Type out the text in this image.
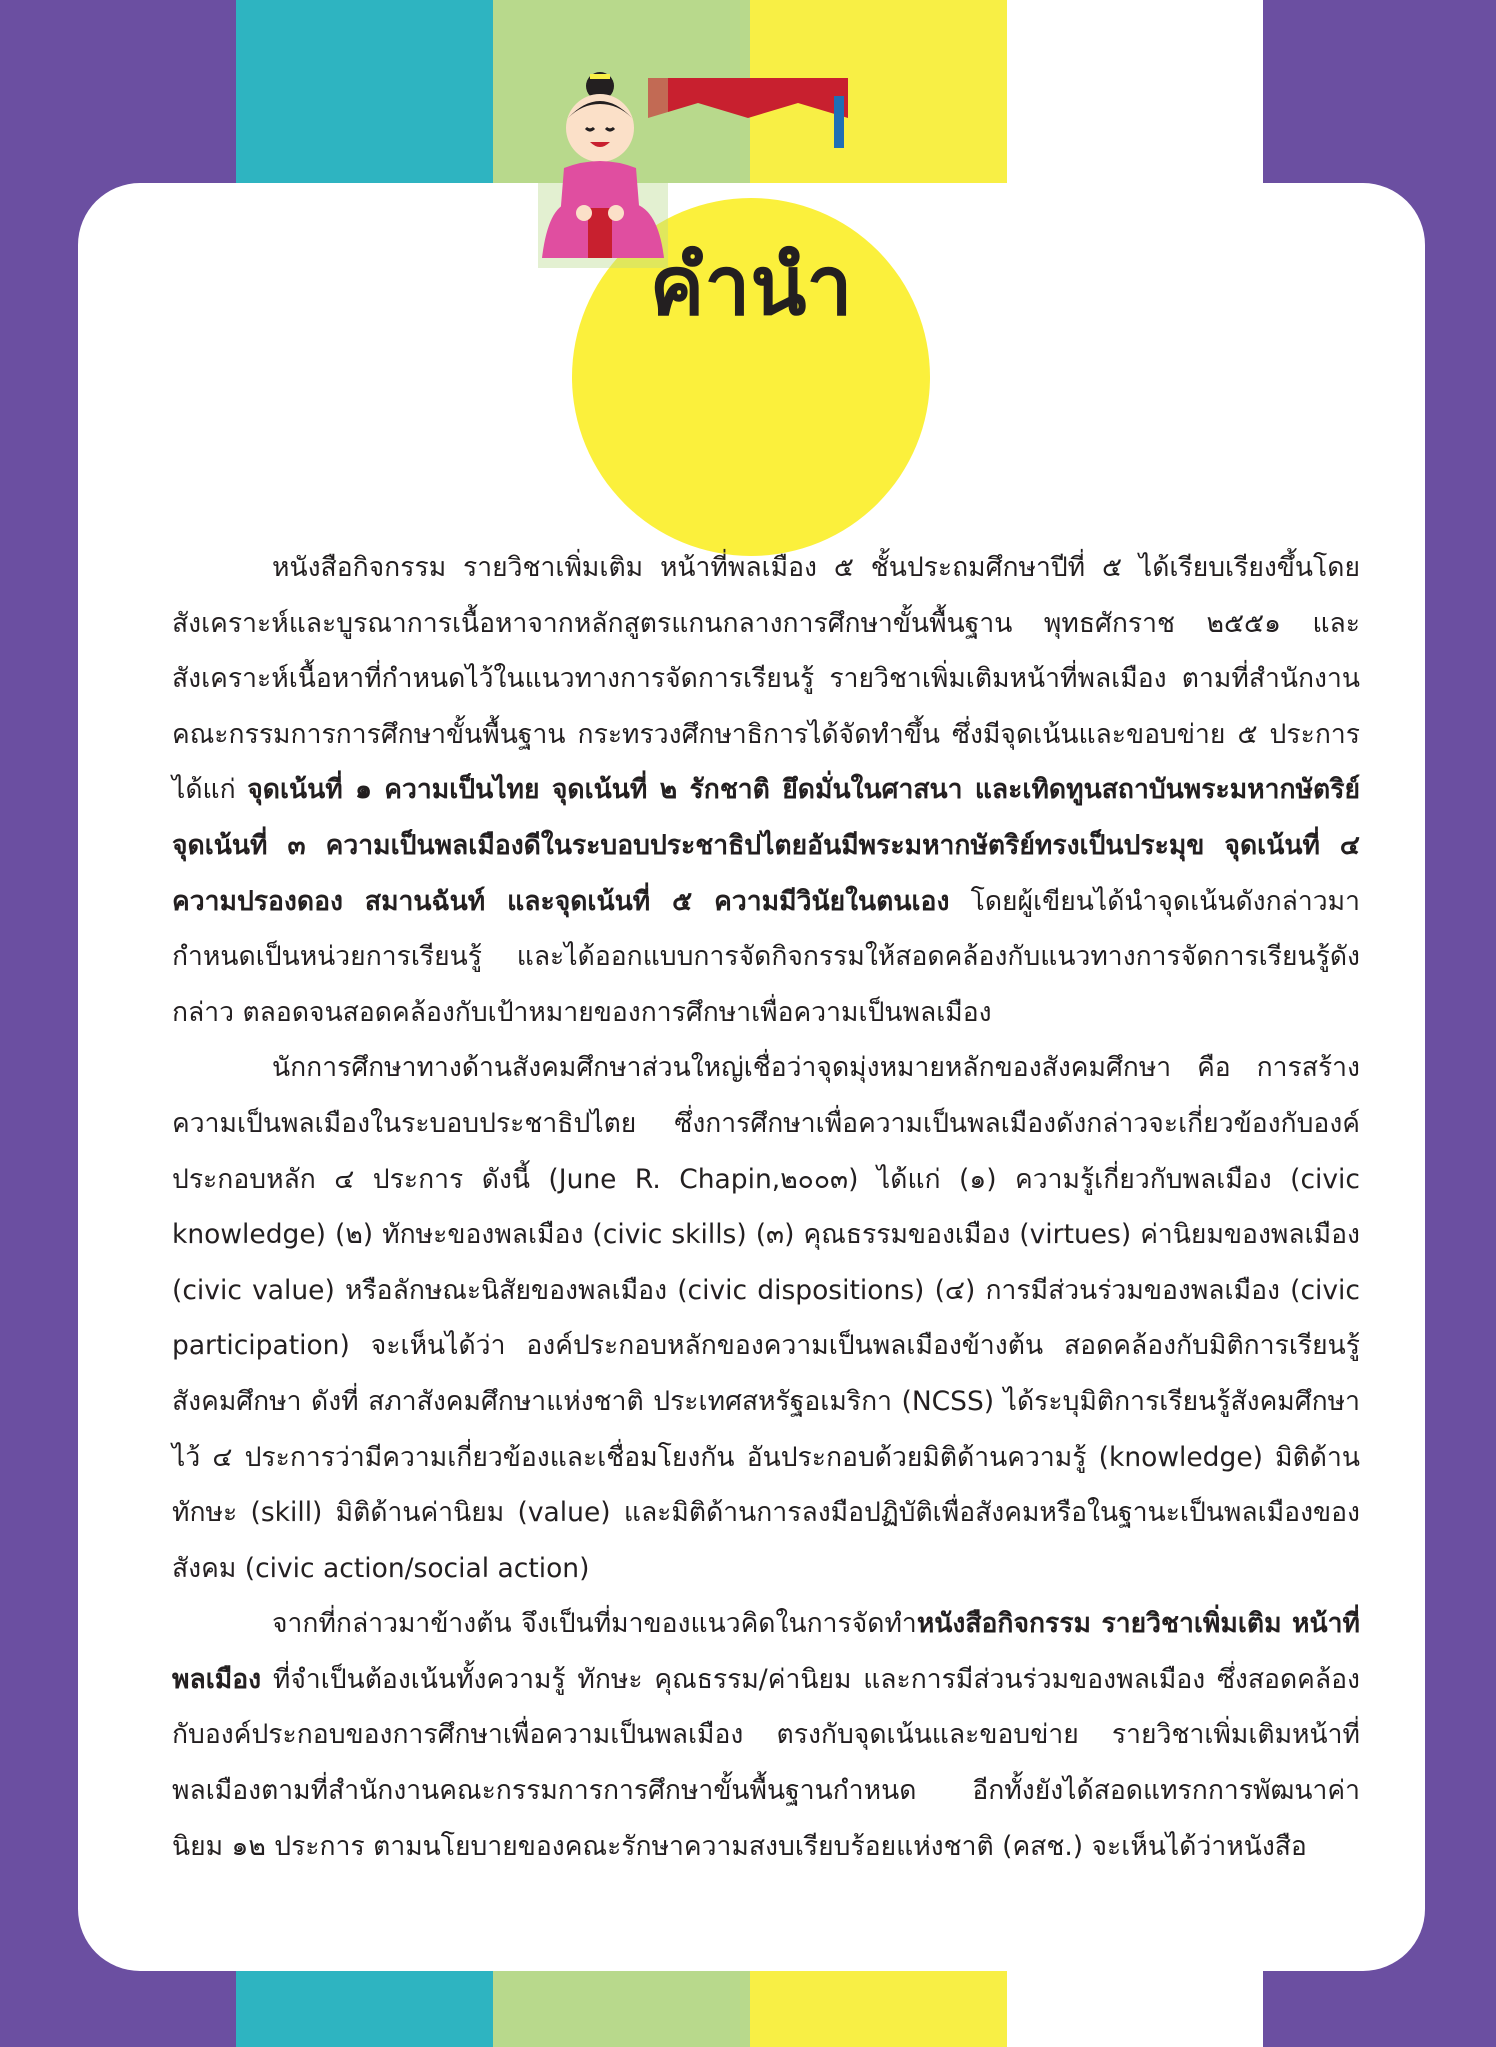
คำนำ

หนังสือกิจกรรม รายวิชาเพิ่มเติม หน้าที่พลเมือง ๕ ชั้นประถมศึกษาปีที่ ๕ ได้เรียบเรียงขึ้นโดยสังเคราะห์และบูรณาการเนื้อหาจากหลักสูตรแกนกลางการศึกษาขั้นพื้นฐาน พุทธศักราช ๒๕๕๑ และสังเคราะห์เนื้อหาที่กำหนดไว้ในแนวทางการจัดการเรียนรู้ รายวิชาเพิ่มเติมหน้าที่พลเมือง ตามที่สำนักงานคณะกรรมการการศึกษาขั้นพื้นฐาน กระทรวงศึกษาธิการได้จัดทำขึ้น ซึ่งมีจุดเน้นและขอบข่าย ๕ ประการ ได้แก่ จุดเน้นที่ ๑ ความเป็นไทย จุดเน้นที่ ๒ รักชาติ ยึดมั่นในศาสนา และเทิดทูนสถาบันพระมหากษัตริย์ จุดเน้นที่ ๓ ความเป็นพลเมืองดีในระบอบประชาธิปไตยอันมีพระมหากษัตริย์ทรงเป็นประมุข จุดเน้นที่ ๔ ความปรองดอง สมานฉันท์ และจุดเน้นที่ ๕ ความมีวินัยในตนเอง โดยผู้เขียนได้นำจุดเน้นดังกล่าวมากำหนดเป็นหน่วยการเรียนรู้ และได้ออกแบบการจัดกิจกรรมให้สอดคล้องกับแนวทางการจัดการเรียนรู้ดังกล่าว ตลอดจนสอดคล้องกับเป้าหมายของการศึกษาเพื่อความเป็นพลเมือง

นักการศึกษาทางด้านสังคมศึกษาส่วนใหญ่เชื่อว่าจุดมุ่งหมายหลักของสังคมศึกษา คือ การสร้างความเป็นพลเมืองในระบอบประชาธิปไตย ซึ่งการศึกษาเพื่อความเป็นพลเมืองดังกล่าวจะเกี่ยวข้องกับองค์ประกอบหลัก ๔ ประการ ดังนี้ (June R. Chapin,๒๐๐๓) ได้แก่ (๑) ความรู้เกี่ยวกับพลเมือง (civic knowledge) (๒) ทักษะของพลเมือง (civic skills) (๓) คุณธรรมของเมือง (virtues) ค่านิยมของพลเมือง (civic value) หรือลักษณะนิสัยของพลเมือง (civic dispositions) (๔) การมีส่วนร่วมของพลเมือง (civic participation) จะเห็นได้ว่า องค์ประกอบหลักของความเป็นพลเมืองข้างต้น สอดคล้องกับมิติการเรียนรู้สังคมศึกษา ดังที่ สภาสังคมศึกษาแห่งชาติ ประเทศสหรัฐอเมริกา (NCSS) ได้ระบุมิติการเรียนรู้สังคมศึกษาไว้ ๔ ประการว่ามีความเกี่ยวข้องและเชื่อมโยงกัน อันประกอบด้วยมิติด้านความรู้ (knowledge) มิติด้านทักษะ (skill) มิติด้านค่านิยม (value) และมิติด้านการลงมือปฏิบัติเพื่อสังคมหรือในฐานะเป็นพลเมืองของสังคม (civic action/social action)

จากที่กล่าวมาข้างต้น จึงเป็นที่มาของแนวคิดในการจัดทำหนังสือกิจกรรม รายวิชาเพิ่มเติม หน้าที่พลเมือง ที่จำเป็นต้องเน้นทั้งความรู้ ทักษะ คุณธรรม/ค่านิยม และการมีส่วนร่วมของพลเมือง ซึ่งสอดคล้องกับองค์ประกอบของการศึกษาเพื่อความเป็นพลเมือง ตรงกับจุดเน้นและขอบข่าย รายวิชาเพิ่มเติมหน้าที่พลเมืองตามที่สำนักงานคณะกรรมการการศึกษาขั้นพื้นฐานกำหนด อีกทั้งยังได้สอดแทรกการพัฒนาค่านิยม ๑๒ ประการ ตามนโยบายของคณะรักษาความสงบเรียบร้อยแห่งชาติ (คสช.) จะเห็นได้ว่าหนังสือ
